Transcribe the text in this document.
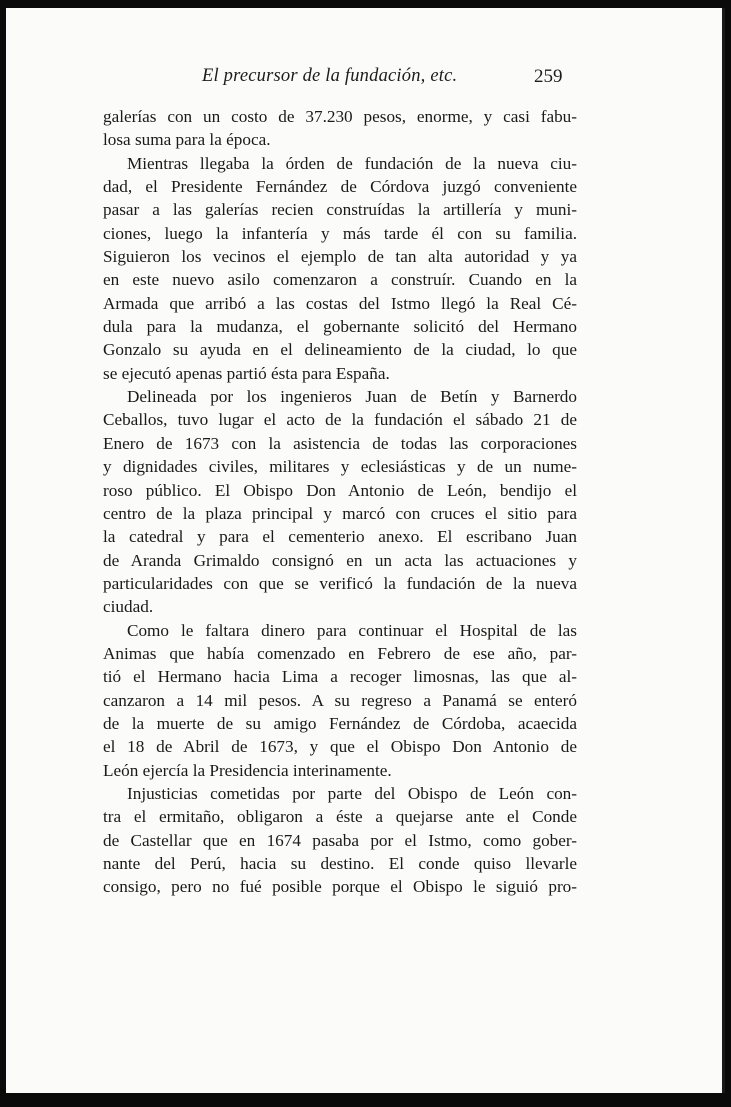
El precursor de la fundación, etc.	259
galerías con un costo de 37.230 pesos, enorme, y casi fabu-
losa suma para la época.
Mientras llegaba la órden de fundación de la nueva ciu-
dad, el Presidente Fernández de Córdova juzgó conveniente
pasar a las galerías recien construídas la artillería y muni-
ciones, luego la infantería y más tarde él con su familia.
Siguieron los vecinos el ejemplo de tan alta autoridad y ya
en este nuevo asilo comenzaron a construír. Cuando en la
Armada que arribó a las costas del Istmo llegó la Real Cé-
dula para la mudanza, el gobernante solicitó del Hermano
Gonzalo su ayuda en el delineamiento de la ciudad, lo que
se ejecutó apenas partió ésta para España.
Delineada por los ingenieros Juan de Betín y Barnerdo
Ceballos, tuvo lugar el acto de la fundación el sábado 21 de
Enero de 1673 con la asistencia de todas las corporaciones
y dignidades civiles, militares y eclesiásticas y de un nume-
roso público. El Obispo Don Antonio de León, bendijo el
centro de la plaza principal y marcó con cruces el sitio para
la catedral y para el cementerio anexo. El escribano Juan
de Aranda Grimaldo consignó en un acta las actuaciones y
particularidades con que se verificó la fundación de la nueva
ciudad.
Como le faltara dinero para continuar el Hospital de las
Animas que había comenzado en Febrero de ese año, par-
tió el Hermano hacia Lima a recoger limosnas, las que al-
canzaron a 14 mil pesos. A su regreso a Panamá se enteró
de la muerte de su amigo Fernández de Córdoba, acaecida
el 18 de Abril de 1673, y que el Obispo Don Antonio de
León ejercía la Presidencia interinamente.
Injusticias cometidas por parte del Obispo de León con-
tra el ermitaño, obligaron a éste a quejarse ante el Conde
de Castellar que en 1674 pasaba por el Istmo, como gober-
nante del Perú, hacia su destino. El conde quiso llevarle
consigo, pero no fué posible porque el Obispo le siguió pro-
